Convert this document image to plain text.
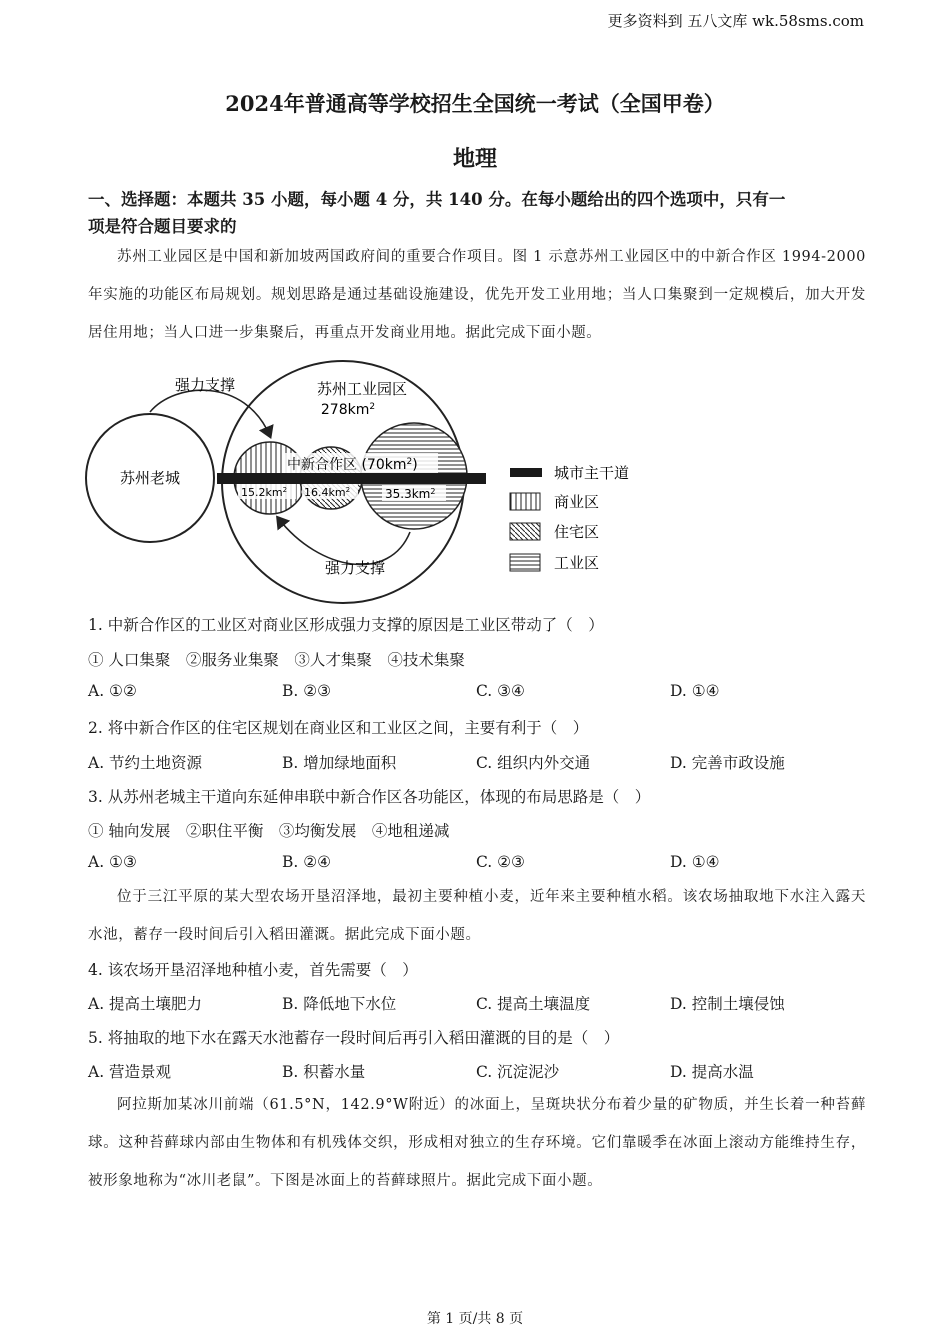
更多资料到 五八文库 wk.58sms.com
2024年普通高等学校招生全国统一考试（全国甲卷）
地理
一、选择题：本题共 35 小题，每小题 4 分，共 140 分。在每小题给出的四个选项中，只有一
项是符合题目要求的
苏州工业园区是中国和新加坡两国政府间的重要合作项目。图 1 示意苏州工业园区中的中新合作区 1994-2000 年实施的功能区布局规划。规划思路是通过基础设施建设，优先开发工业用地；当人口集聚到一定规模后，加大开发居住用地；当人口进一步集聚后，再重点开发商业用地。据此完成下面小题。
苏州老城
苏州工业园区
$278km^2$
中新合作区 $(70km^2)$
$15.2km^2$ $16.4km^2$	$35.3km^2$
强力支撑
强力支撑
城市主干道
商业区
住宅区
工业区
1. 中新合作区的工业区对商业区形成强力支撑的原因是工业区带动了（　）
① 人口集聚　②服务业集聚　③人才集聚　④技术集聚
A. ①②	B. ②③	C. ③④	D. ①④
2. 将中新合作区的住宅区规划在商业区和工业区之间，主要有利于（　）
A. 节约土地资源	B. 增加绿地面积	C. 组织内外交通	D. 完善市政设施
3. 从苏州老城主干道向东延伸串联中新合作区各功能区，体现的布局思路是（　）
① 轴向发展　②职住平衡　③均衡发展　④地租递减
A. ①③	B. ②④	C. ②③	D. ①④
位于三江平原的某大型农场开垦沼泽地，最初主要种植小麦，近年来主要种植水稻。该农场抽取地下水注入露天水池，蓄存一段时间后引入稻田灌溉。据此完成下面小题。
4. 该农场开垦沼泽地种植小麦，首先需要（　）
A. 提高土壤肥力	B. 降低地下水位	C. 提高土壤温度	D. 控制土壤侵蚀
5. 将抽取的地下水在露天水池蓄存一段时间后再引入稻田灌溉的目的是（　）
A. 营造景观	B. 积蓄水量	C. 沉淀泥沙	D. 提高水温
阿拉斯加某冰川前端（61.5°N，142.9°W附近）的冰面上，呈斑块状分布着少量的矿物质，并生长着一种苔藓球。这种苔藓球内部由生物体和有机残体交织，形成相对独立的生存环境。它们靠暖季在冰面上滚动方能维持生存，被形象地称为“冰川老鼠”。下图是冰面上的苔藓球照片。据此完成下面小题。
第 1 页/共 8 页
